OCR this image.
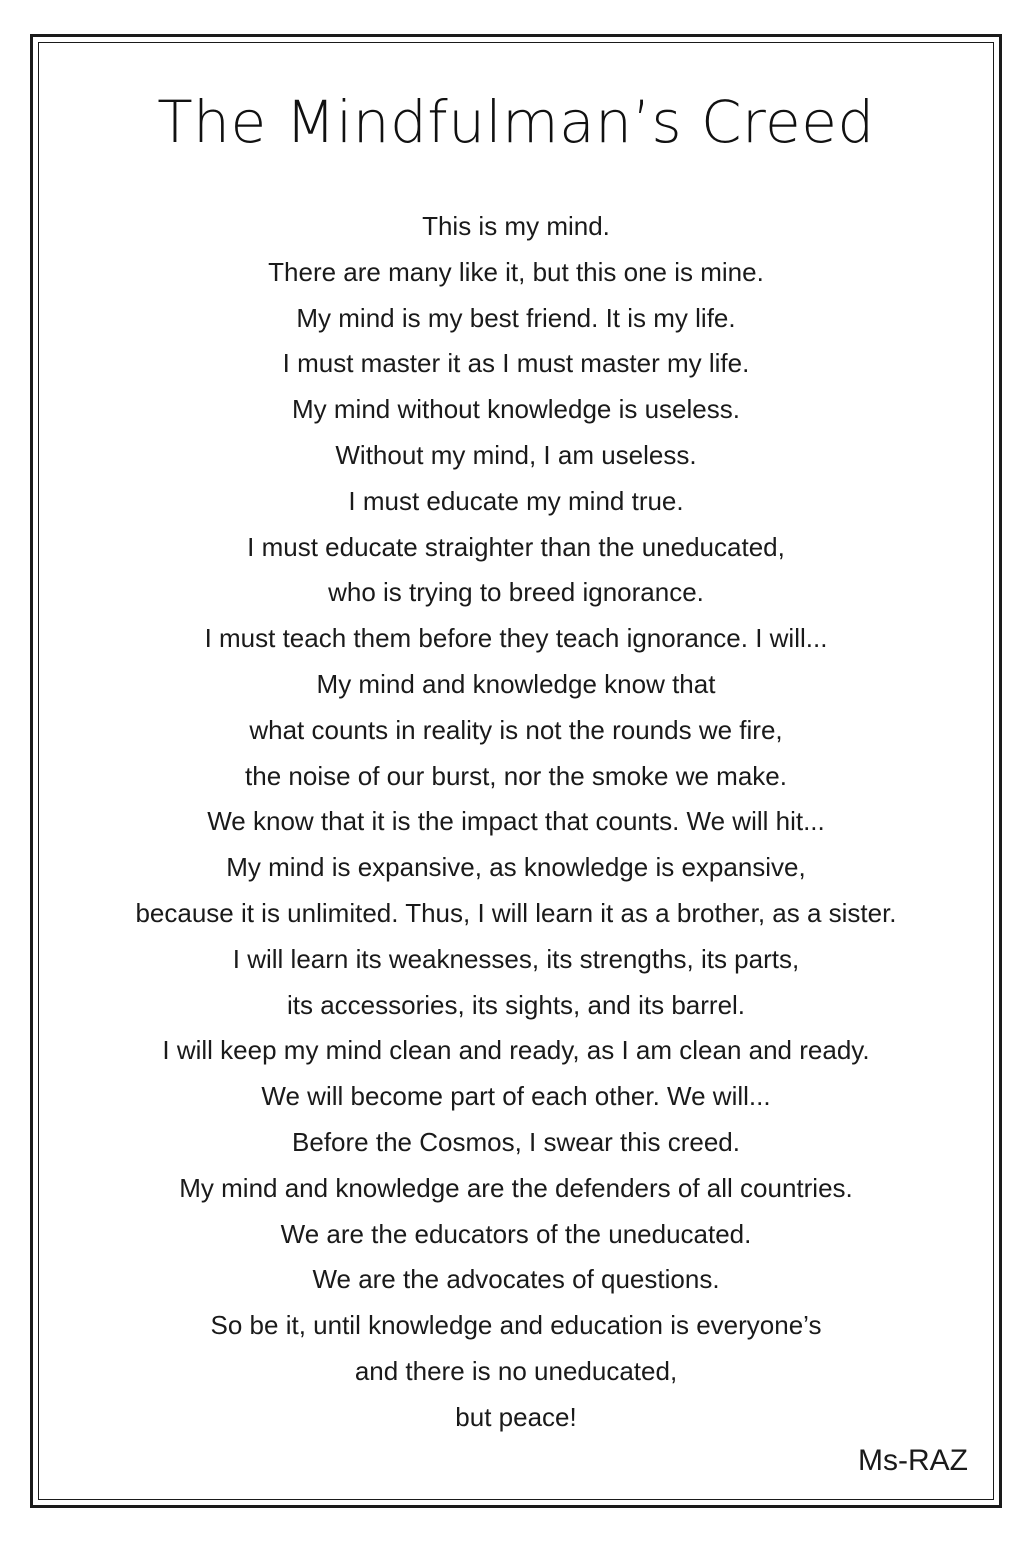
The Mindfulman’s Creed
This is my mind.
There are many like it, but this one is mine.
My mind is my best friend. It is my life.
I must master it as I must master my life.
My mind without knowledge is useless.
Without my mind, I am useless.
I must educate my mind true.
I must educate straighter than the uneducated,
who is trying to breed ignorance.
I must teach them before they teach ignorance. I will...
My mind and knowledge know that
what counts in reality is not the rounds we fire,
the noise of our burst, nor the smoke we make.
We know that it is the impact that counts. We will hit...
My mind is expansive, as knowledge is expansive,
because it is unlimited. Thus, I will learn it as a brother, as a sister.
I will learn its weaknesses, its strengths, its parts,
its accessories, its sights, and its barrel.
I will keep my mind clean and ready, as I am clean and ready.
We will become part of each other. We will...
Before the Cosmos, I swear this creed.
My mind and knowledge are the defenders of all countries.
We are the educators of the uneducated.
We are the advocates of questions.
So be it, until knowledge and education is everyone’s
and there is no uneducated,
but peace!
Ms-RAZ
